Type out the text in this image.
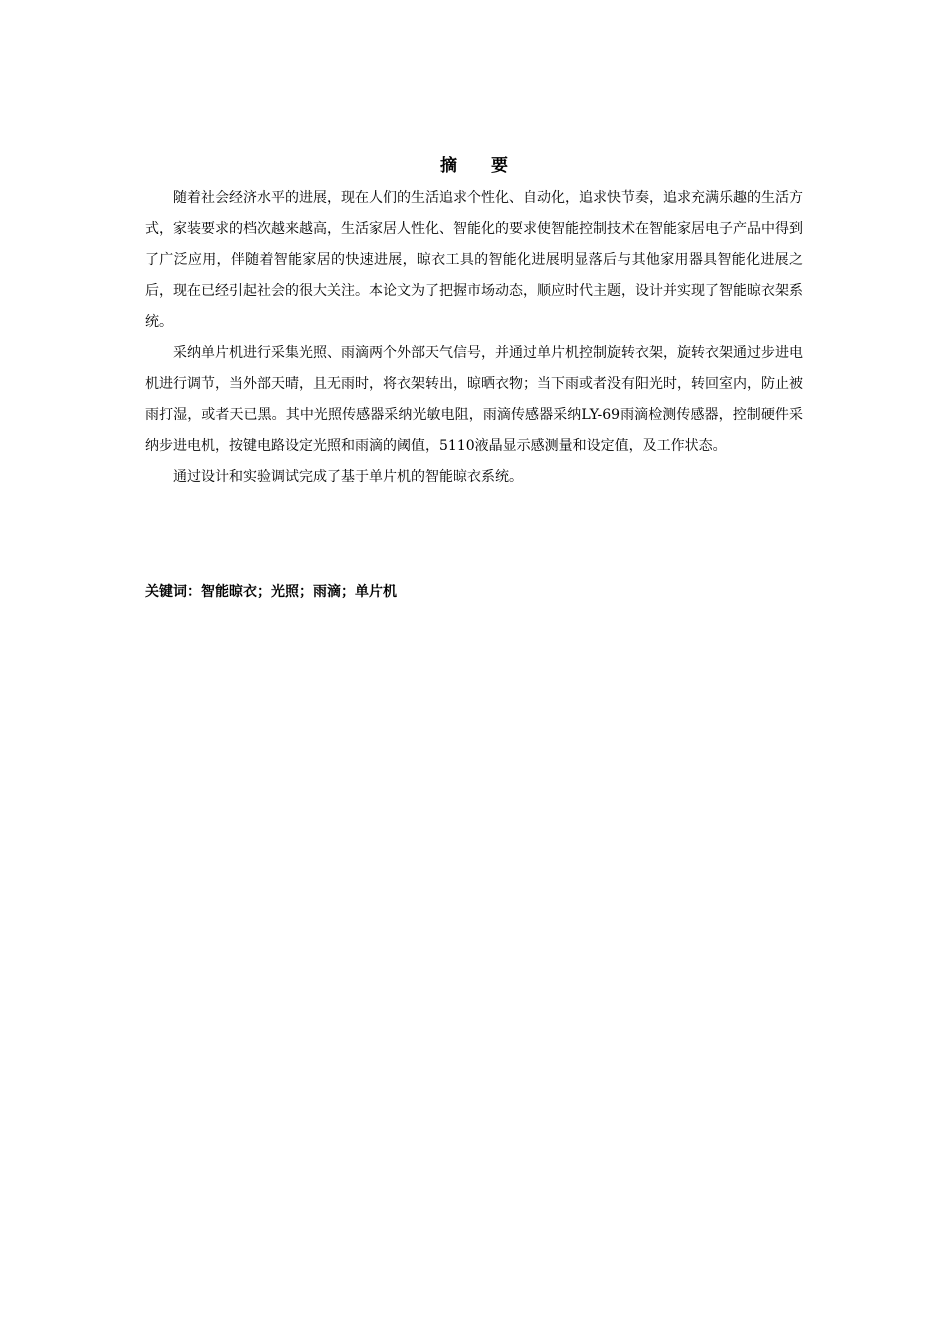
摘 要

随着社会经济水平的进展，现在人们的生活追求个性化、自动化，追求快节奏，追求充满乐趣的生活方式，家装要求的档次越来越高，生活家居人性化、智能化的要求使智能控制技术在智能家居电子产品中得到了广泛应用，伴随着智能家居的快速进展，晾衣工具的智能化进展明显落后与其他家用器具智能化进展之后，现在已经引起社会的很大关注。本论文为了把握市场动态，顺应时代主题，设计并实现了智能晾衣架系统。

采纳单片机进行采集光照、雨滴两个外部天气信号，并通过单片机控制旋转衣架，旋转衣架通过步进电机进行调节，当外部天晴，且无雨时，将衣架转出，晾晒衣物；当下雨或者没有阳光时，转回室内，防止被雨打湿，或者天已黑。其中光照传感器采纳光敏电阻，雨滴传感器采纳LY-69雨滴检测传感器，控制硬件采纳步进电机，按键电路设定光照和雨滴的阈值，5110液晶显示感测量和设定值，及工作状态。

通过设计和实验调试完成了基于单片机的智能晾衣系统。

关键词：智能晾衣；光照；雨滴；单片机
